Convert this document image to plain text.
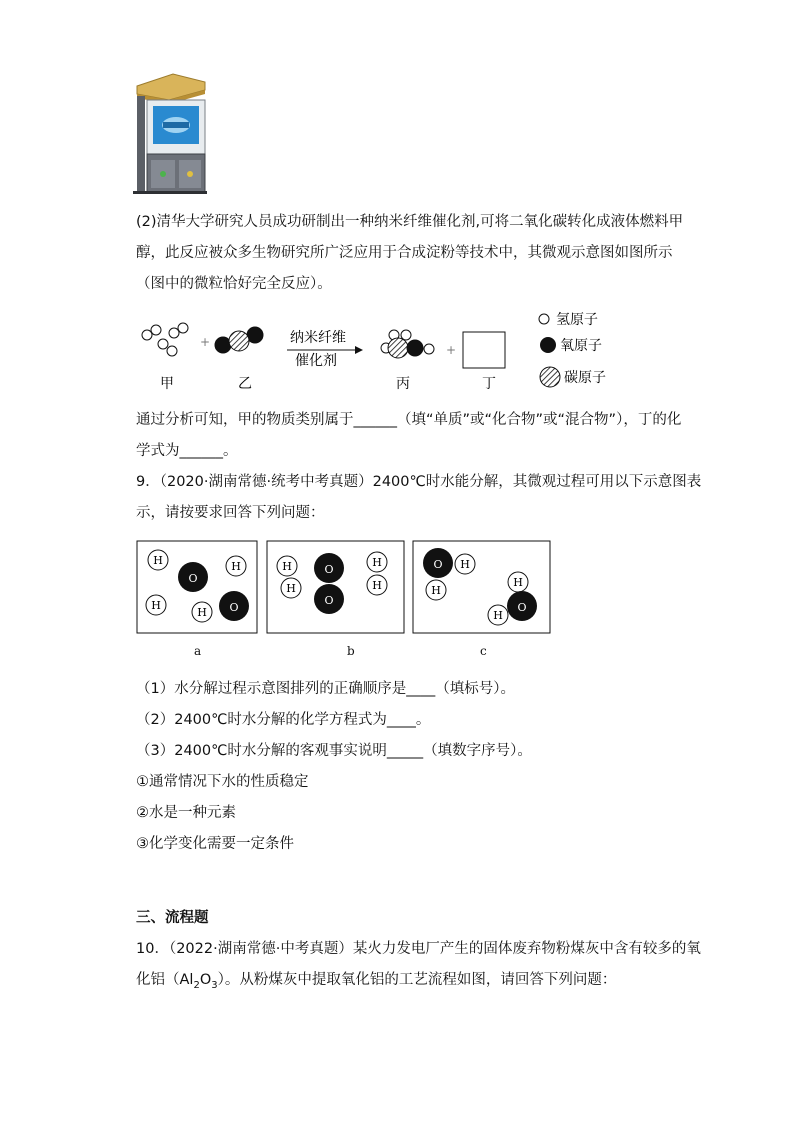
(2)清华大学研究人员成功研制出一种纳米纤维催化剂,可将二氧化碳转化成液体燃料甲
醇，此反应被众多生物研究所广泛应用于合成淀粉等技术中，其微观示意图如图所示
（图中的微粒恰好完全反应）。
+	纳米纤维
催化剂
+
甲	乙	丙	丁
氢原子
氧原子
碳原子
通过分析可知，甲的物质类别属于______（填“单质”或“化合物”或“混合物”），丁的化
学式为______。
9．（2020·湖南常德·统考中考真题）2400℃时水能分解，其微观过程可用以下示意图表
示，请按要求回答下列问题：
H
O
H
H
H O
H
H
O
O
H
H
O H
H
H
H
O
a	b	c
（1）水分解过程示意图排列的正确顺序是____（填标号）。
（2）2400℃时水分解的化学方程式为____。
（3）2400℃时水分解的客观事实说明_____（填数字序号）。
①通常情况下水的性质稳定
②水是一种元素
③化学变化需要一定条件
三、流程题
10．（2022·湖南常德·中考真题）某火力发电厂产生的固体废弃物粉煤灰中含有较多的氧
化铝$(Al_2O_3)$。从粉煤灰中提取氧化铝的工艺流程如图，请回答下列问题：
